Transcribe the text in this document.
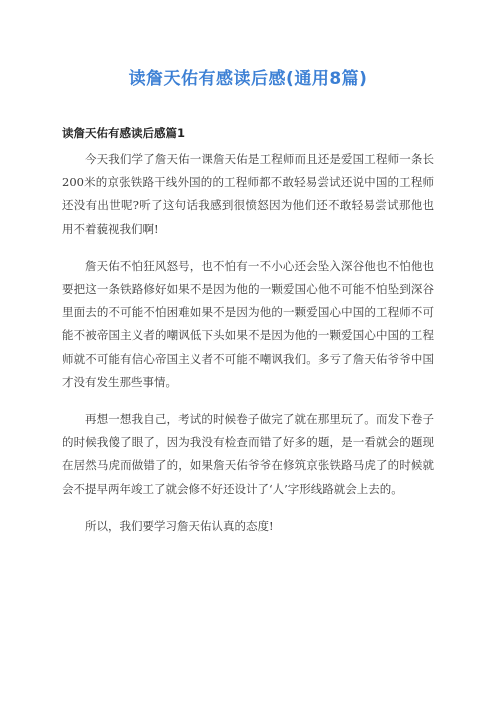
读詹天佑有感读后感(通用8篇)
读詹天佑有感读后感篇1

今天我们学了詹天佑一课詹天佑是工程师而且还是爱国工程师一条长200米的京张铁路干线外国的的工程师都不敢轻易尝试还说中国的工程师还没有出世呢?听了这句话我感到很愤怒因为他们还不敢轻易尝试那他也用不着藐视我们啊!

詹天佑不怕狂风怒号，也不怕有一不小心还会坠入深谷他也不怕他也要把这一条铁路修好如果不是因为他的一颗爱国心他不可能不怕坠到深谷里面去的不可能不怕困难如果不是因为他的一颗爱国心中国的工程师不可能不被帝国主义者的嘲讽低下头如果不是因为他的一颗爱国心中国的工程师就不可能有信心帝国主义者不可能不嘲讽我们。多亏了詹天佑爷爷中国才没有发生那些事情。

再想一想我自己，考试的时候卷子做完了就在那里玩了。而发下卷子的时候我傻了眼了，因为我没有检查而错了好多的题，是一看就会的题现在居然马虎而做错了的，如果詹天佑爷爷在修筑京张铁路马虎了的时候就会不提早两年竣工了就会修不好还设计了‘人’字形线路就会上去的。

所以，我们要学习詹天佑认真的态度!
